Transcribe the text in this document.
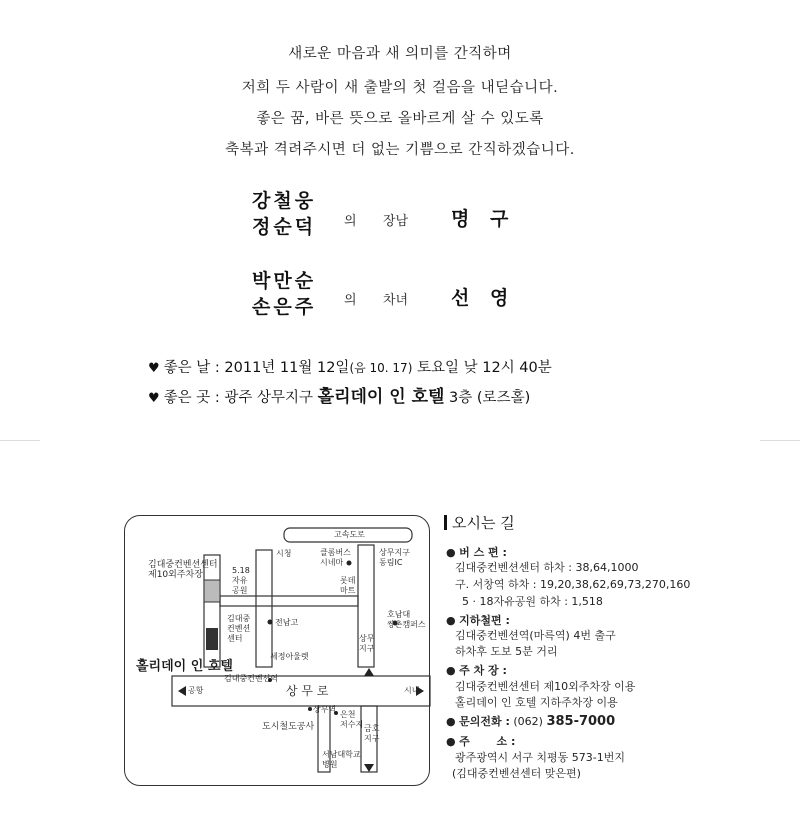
새로운 마음과 새 의미를 간직하며
저희 두 사람이 새 출발의 첫 걸음을 내딛습니다.
좋은 꿈, 바른 뜻으로 올바르게 살 수 있도록
축복과 격려주시면 더 없는 기쁨으로 간직하겠습니다.
강철웅
정순덕 의 장남 명 구
박만순
손은주 의 차녀 선 영
♥ 좋은 날 : 2011년 11월 12일(음 10. 17) 토요일 낮 12시 40분
♥ 좋은 곳 : 광주 상무지구 홀리데이 인 호텔 3층 (로즈홀)
고속도로
시청
김대중컨벤션센터
제10외주차장	5.18
자유
공원
클롬버스
시네마
롯데
마트
상무지구
동림IC
호남대
쌍촌캠퍼스
전남고
김대중
컨벤션
센터
세정아울렛
상무
지구
홀리데이 인 호텔
김대중컨벤션역
공항	상 무 로	시내
상무역
도시철도공사
은천
저수지
서남대학교
병원
금호
지구
오시는 길
● 버 스 편 :
김대중컨벤션센터 하차 : 38,64,1000
구. 서창역 하차 : 19,20,38,62,69,73,270,160
5 · 18자유공원 하차 : 1,518
● 지하철편 :
김대중컨벤션역(마륵역) 4번 출구
하차후 도보 5분 거리
● 주 차 장 :
김대중컨벤션센터 제10외주차장 이용
홀리데이 인 호텔 지하주차장 이용
● 문의전화 : (062) 385-7000
● 주       소 :
광주광역시 서구 치평동 573-1번지
(김대중컨벤션센터 맞은편)
